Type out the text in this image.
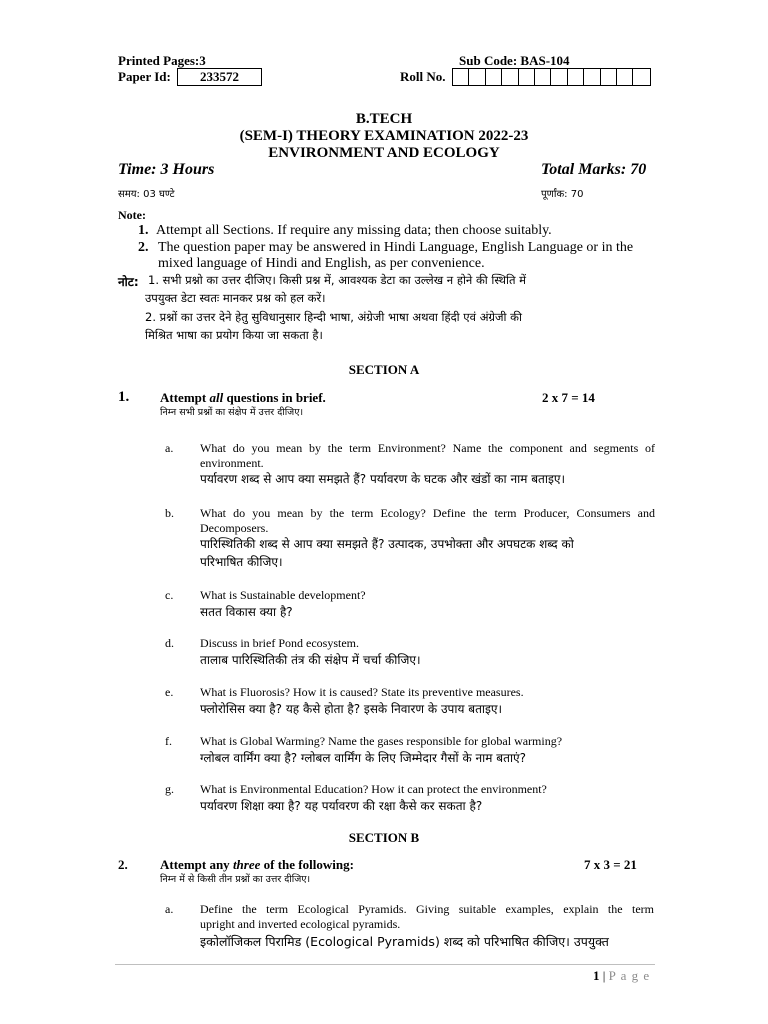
Printed Pages:3	Sub Code: BAS-104
Paper Id:	233572	Roll No.
B.TECH
(SEM-I) THEORY EXAMINATION 2022-23
ENVIRONMENT AND ECOLOGY
Time: 3 Hours	Total Marks: 70
समय: 03 घण्टे	पूर्णांक: 70
Note:
1. Attempt all Sections. If require any missing data; then choose suitably.
2. The question paper may be answered in Hindi Language, English Language or in the
mixed language of Hindi and English, as per convenience.
नोट: 1. सभी प्रश्नो का उत्तर दीजिए। किसी प्रश्न में, आवश्यक डेटा का उल्लेख न होने की स्थिति में
उपयुक्त डेटा स्वतः मानकर प्रश्न को हल करें।
2. प्रश्नों का उत्तर देने हेतु सुविधानुसार हिन्दी भाषा, अंग्रेजी भाषा अथवा हिंदी एवं अंग्रेजी की
मिश्रित भाषा का प्रयोग किया जा सकता है।
SECTION A
1. Attempt all questions in brief.	2 x 7 = 14
निम्न सभी प्रश्नों का संक्षेप में उत्तर दीजिए।
a. What do you mean by the term Environment? Name the component and segments of
environment.
पर्यावरण शब्द से आप क्या समझते हैं? पर्यावरण के घटक और खंडों का नाम बताइए।
b. What do you mean by the term Ecology? Define the term Producer, Consumers and
Decomposers.
पारिस्थितिकी शब्द से आप क्या समझते हैं? उत्पादक, उपभोक्ता और अपघटक शब्द को
परिभाषित कीजिए।
c. What is Sustainable development?
सतत विकास क्या है?
d. Discuss in brief Pond ecosystem.
तालाब पारिस्थितिकी तंत्र की संक्षेप में चर्चा कीजिए।
e. What is Fluorosis? How it is caused? State its preventive measures.
फ्लोरोसिस क्या है? यह कैसे होता है? इसके निवारण के उपाय बताइए।
f. What is Global Warming? Name the gases responsible for global warming?
ग्लोबल वार्मिंग क्या है? ग्लोबल वार्मिंग के लिए जिम्मेदार गैसों के नाम बताएं?
g. What is Environmental Education? How it can protect the environment?
पर्यावरण शिक्षा क्या है? यह पर्यावरण की रक्षा कैसे कर सकता है?
SECTION B
2. Attempt any three of the following:	7 x 3 = 21
निम्न में से किसी तीन प्रश्नों का उत्तर दीजिए।
a. Define the term Ecological Pyramids. Giving suitable examples, explain the term
upright and inverted ecological pyramids.
इकोलॉजिकल पिरामिड (Ecological Pyramids) शब्द को परिभाषित कीजिए। उपयुक्त
1 | P a g e
